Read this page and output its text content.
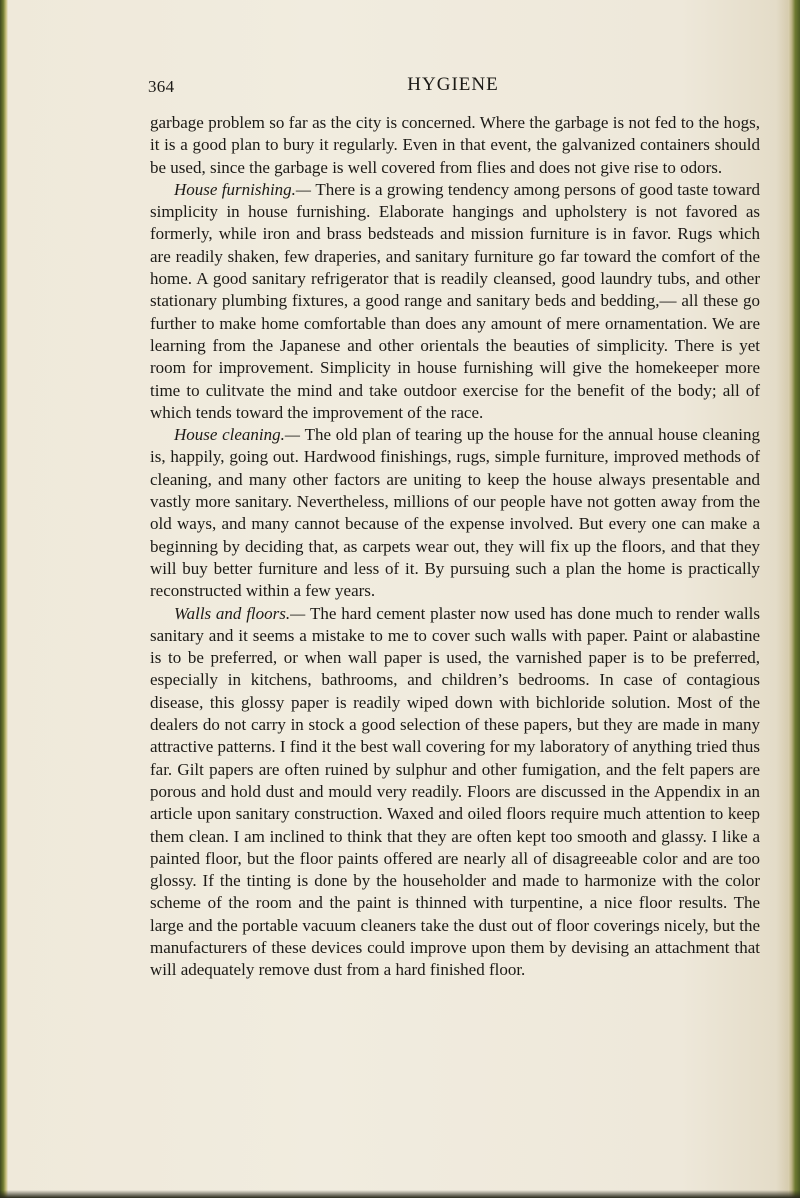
364	HYGIENE

garbage problem so far as the city is concerned. Where the garbage is not fed to the hogs, it is a good plan to bury it regularly. Even in that event, the galvanized containers should be used, since the garbage is well covered from flies and does not give rise to odors.

House furnishing.— There is a growing tendency among persons of good taste toward simplicity in house furnishing. Elaborate hangings and upholstery is not favored as formerly, while iron and brass bedsteads and mission furniture is in favor. Rugs which are readily shaken, few draperies, and sanitary furniture go far toward the comfort of the home. A good sanitary refrigerator that is readily cleansed, good laundry tubs, and other stationary plumbing fixtures, a good range and sanitary beds and bedding,— all these go further to make home comfortable than does any amount of mere ornamentation. We are learning from the Japanese and other orientals the beauties of simplicity. There is yet room for improvement. Simplicity in house furnishing will give the homekeeper more time to culitvate the mind and take outdoor exercise for the benefit of the body; all of which tends toward the improvement of the race.

House cleaning.— The old plan of tearing up the house for the annual house cleaning is, happily, going out. Hardwood finishings, rugs, simple furniture, improved methods of cleaning, and many other factors are uniting to keep the house always presentable and vastly more sanitary. Nevertheless, millions of our people have not gotten away from the old ways, and many cannot because of the expense involved. But every one can make a beginning by deciding that, as carpets wear out, they will fix up the floors, and that they will buy better furniture and less of it. By pursuing such a plan the home is practically reconstructed within a few years.

Walls and floors.— The hard cement plaster now used has done much to render walls sanitary and it seems a mistake to me to cover such walls with paper. Paint or alabastine is to be preferred, or when wall paper is used, the varnished paper is to be preferred, especially in kitchens, bathrooms, and children’s bedrooms. In case of contagious disease, this glossy paper is readily wiped down with bichloride solution. Most of the dealers do not carry in stock a good selection of these papers, but they are made in many attractive patterns. I find it the best wall covering for my laboratory of anything tried thus far. Gilt papers are often ruined by sulphur and other fumigation, and the felt papers are porous and hold dust and mould very readily. Floors are discussed in the Appendix in an article upon sanitary construction. Waxed and oiled floors require much attention to keep them clean. I am inclined to think that they are often kept too smooth and glassy. I like a painted floor, but the floor paints offered are nearly all of disagreeable color and are too glossy. If the tinting is done by the householder and made to harmonize with the color scheme of the room and the paint is thinned with turpentine, a nice floor results. The large and the portable vacuum cleaners take the dust out of floor coverings nicely, but the manufacturers of these devices could improve upon them by devising an attachment that will adequately remove dust from a hard finished floor.
